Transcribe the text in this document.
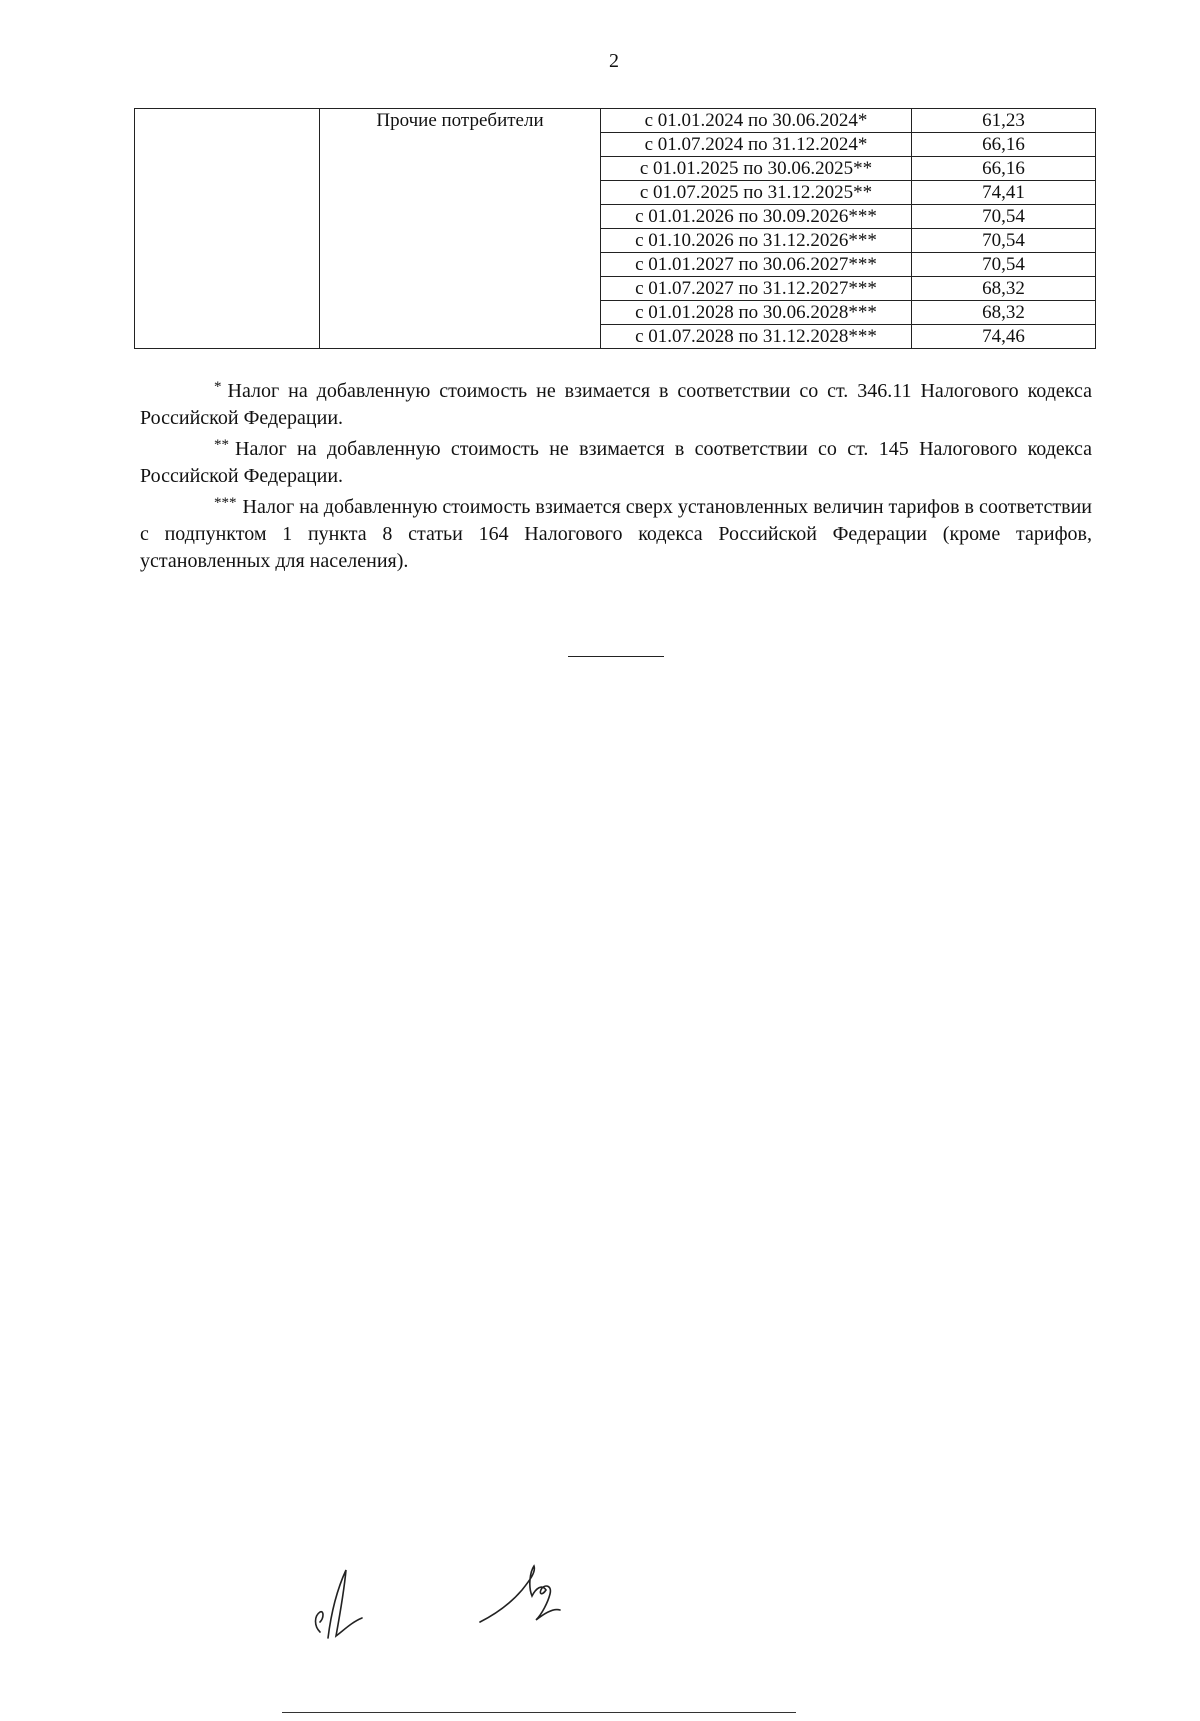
2
	Прочие потребители	с 01.01.2024 по 30.06.2024*	61,23
		с 01.07.2024 по 31.12.2024*	66,16
		с 01.01.2025 по 30.06.2025**	66,16
		с 01.07.2025 по 31.12.2025**	74,41
		с 01.01.2026 по 30.09.2026***	70,54
		с 01.10.2026 по 31.12.2026***	70,54
		с 01.01.2027 по 30.06.2027***	70,54
		с 01.07.2027 по 31.12.2027***	68,32
		с 01.01.2028 по 30.06.2028***	68,32
		с 01.07.2028 по 31.12.2028***	74,46

* Налог на добавленную стоимость не взимается в соответствии со ст. 346.11 Налогового кодекса Российской Федерации.

** Налог на добавленную стоимость не взимается в соответствии со ст. 145 Налогового кодекса Российской Федерации.

*** Налог на добавленную стоимость взимается сверх установленных величин тарифов в соответствии с подпунктом 1 пункта 8 статьи 164 Налогового кодекса Российской Федерации (кроме тарифов, установленных для населения).
